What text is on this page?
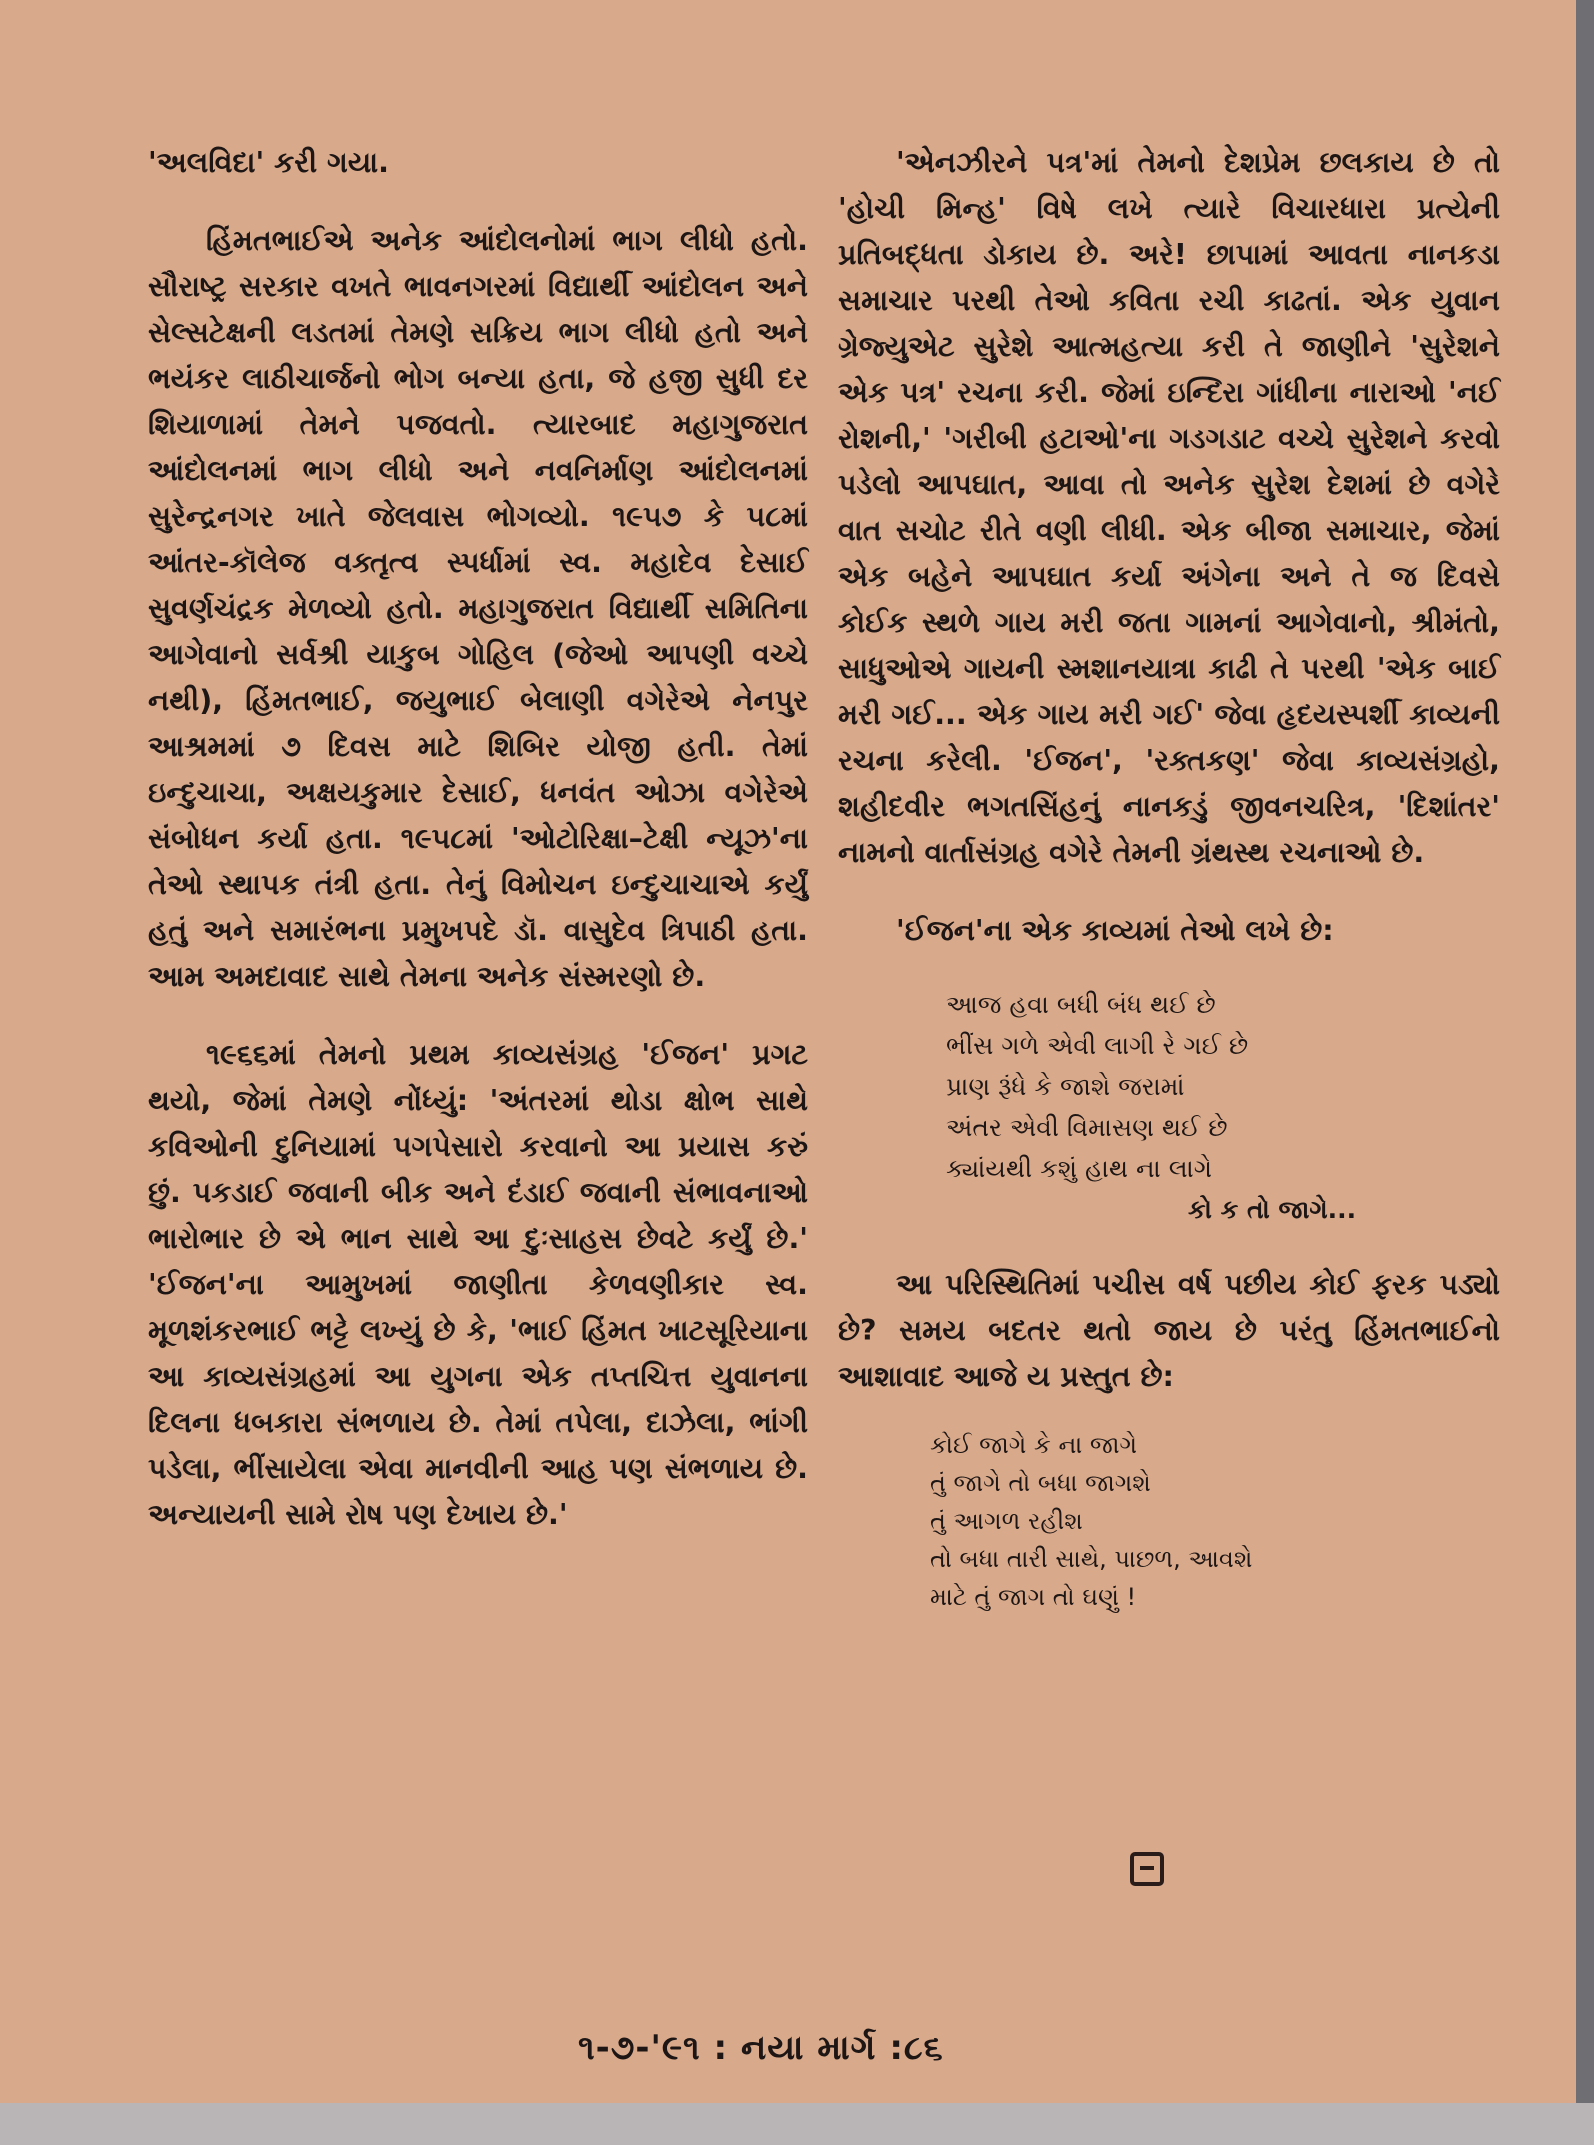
'અલવિદા' કરી ગયા.

હિંમતભાઈએ અનેક આંદોલનોમાં ભાગ લીધો હતો. સૌરાષ્ટ્ર સરકાર વખતે ભાવનગરમાં વિદ્યાર્થી આંદોલન અને સેલ્સટેક્ષની લડતમાં તેમણે સક્રિય ભાગ લીધો હતો અને ભયંકર લાઠીચાર્જનો ભોગ બન્યા હતા, જે હજી સુધી દર શિયાળામાં તેમને પજવતો. ત્યારબાદ મહાગુજરાત આંદોલનમાં ભાગ લીધો અને નવનિર્માણ આંદોલનમાં સુરેન્દ્રનગર ખાતે જેલવાસ ભોગવ્યો. ૧૯૫૭ કે ૫૮માં આંતર-કૉલેજ વક્તૃત્વ સ્પર્ધામાં સ્વ. મહાદેવ દેસાઈ સુવર્ણચંદ્રક મેળવ્યો હતો. મહાગુજરાત વિદ્યાર્થી સમિતિના આગેવાનો સર્વશ્રી યાકુબ ગોહિલ (જેઓ આપણી વચ્ચે નથી), હિંમતભાઈ, જયુભાઈ બેલાણી વગેરેએ નેનપુર આશ્રમમાં ૭ દિવસ માટે શિબિર યોજી હતી. તેમાં ઇન્દુચાચા, અક્ષયકુમાર દેસાઈ, ધનવંત ઓઝા વગેરેએ સંબોધન કર્યા હતા. ૧૯૫૮માં 'ઓટોરિક્ષા–ટેક્ષી ન્યૂઝ'ના તેઓ સ્થાપક તંત્રી હતા. તેનું વિમોચન ઇન્દુચાચાએ કર્યું હતું અને સમારંભના પ્રમુખપદે ડૉ. વાસુદેવ ત્રિપાઠી હતા. આમ અમદાવાદ સાથે તેમના અનેક સંસ્મરણો છે.

૧૯૬૬માં તેમનો પ્રથમ કાવ્યસંગ્રહ 'ઈજન' પ્રગટ થયો, જેમાં તેમણે નોંધ્યું: 'અંતરમાં થોડા ક્ષોભ સાથે કવિઓની દુનિયામાં પગપેસારો કરવાનો આ પ્રયાસ કરું છું. પકડાઈ જવાની બીક અને દંડાઈ જવાની સંભાવનાઓ ભારોભાર છે એ ભાન સાથે આ દુઃસાહસ છેવટે કર્યું છે.' 'ઈજન'ના આમુખમાં જાણીતા કેળવણીકાર સ્વ. મૂળશંકરભાઈ ભટ્ટે લખ્યું છે કે, 'ભાઈ હિંમત ખાટસૂરિયાના આ કાવ્યસંગ્રહમાં આ યુગના એક તપ્તચિત્ત યુવાનના દિલના ધબકારા સંભળાય છે. તેમાં તપેલા, દાઝેલા, ભાંગી પડેલા, ભીંસાયેલા એવા માનવીની આહ પણ સંભળાય છે. અન્યાયની સામે રોષ પણ દેખાય છે.'

'એનઝીરને પત્ર'માં તેમનો દેશપ્રેમ છલકાય છે તો 'હોચી મિન્હ' વિષે લખે ત્યારે વિચારધારા પ્રત્યેની પ્રતિબદ્ધતા ડોકાય છે. અરે! છાપામાં આવતા નાનકડા સમાચાર પરથી તેઓ કવિતા રચી કાઢતાં. એક યુવાન ગ્રેજ્યુએટ સુરેશે આત્મહત્યા કરી તે જાણીને 'સુરેશને એક પત્ર' રચના કરી. જેમાં ઇન્દિરા ગાંધીના નારાઓ 'નઈ રોશની,' 'ગરીબી હટાઓ'ના ગડગડાટ વચ્ચે સુરેશને કરવો પડેલો આપઘાત, આવા તો અનેક સુરેશ દેશમાં છે વગેરે વાત સચોટ રીતે વણી લીધી. એક બીજા સમાચાર, જેમાં એક બહેને આપઘાત કર્યા અંગેના અને તે જ દિવસે કોઈક સ્થળે ગાય મરી જતા ગામનાં આગેવાનો, શ્રીમંતો, સાધુઓએ ગાયની સ્મશાનયાત્રા કાઢી તે પરથી 'એક બાઈ મરી ગઈ... એક ગાય મરી ગઈ' જેવા હૃદયસ્પર્શી કાવ્યની રચના કરેલી. 'ઈજન', 'રક્તકણ' જેવા કાવ્યસંગ્રહો, શહીદવીર ભગતસિંહનું નાનકડું જીવનચરિત્ર, 'દિશાંતર' નામનો વાર્તાસંગ્રહ વગેરે તેમની ગ્રંથસ્થ રચનાઓ છે.

'ઈજન'ના એક કાવ્યમાં તેઓ લખે છે:

આજ હવા બધી બંધ થઈ છે
ભીંસ ગળે એવી લાગી રે ગઈ છે
પ્રાણ રૂંધે કે જાશે જરામાં
અંતર એવી વિમાસણ થઈ છે
ક્યાંયથી કશું હાથ ના લાગે
કો ક તો જાગે...

આ પરિસ્થિતિમાં પચીસ વર્ષ પછીય કોઈ ફરક પડ્યો છે? સમય બદતર થતો જાય છે પરંતુ હિંમતભાઈનો આશાવાદ આજે ય પ્રસ્તુત છે:

કોઈ જાગે કે ના જાગે
તું જાગે તો બધા જાગશે
તું આગળ રહીશ
તો બધા તારી સાથે, પાછળ, આવશે
માટે તું જાગ તો ઘણું !
૧-૭-'૯૧ : નયા માર્ગ :૮૬
